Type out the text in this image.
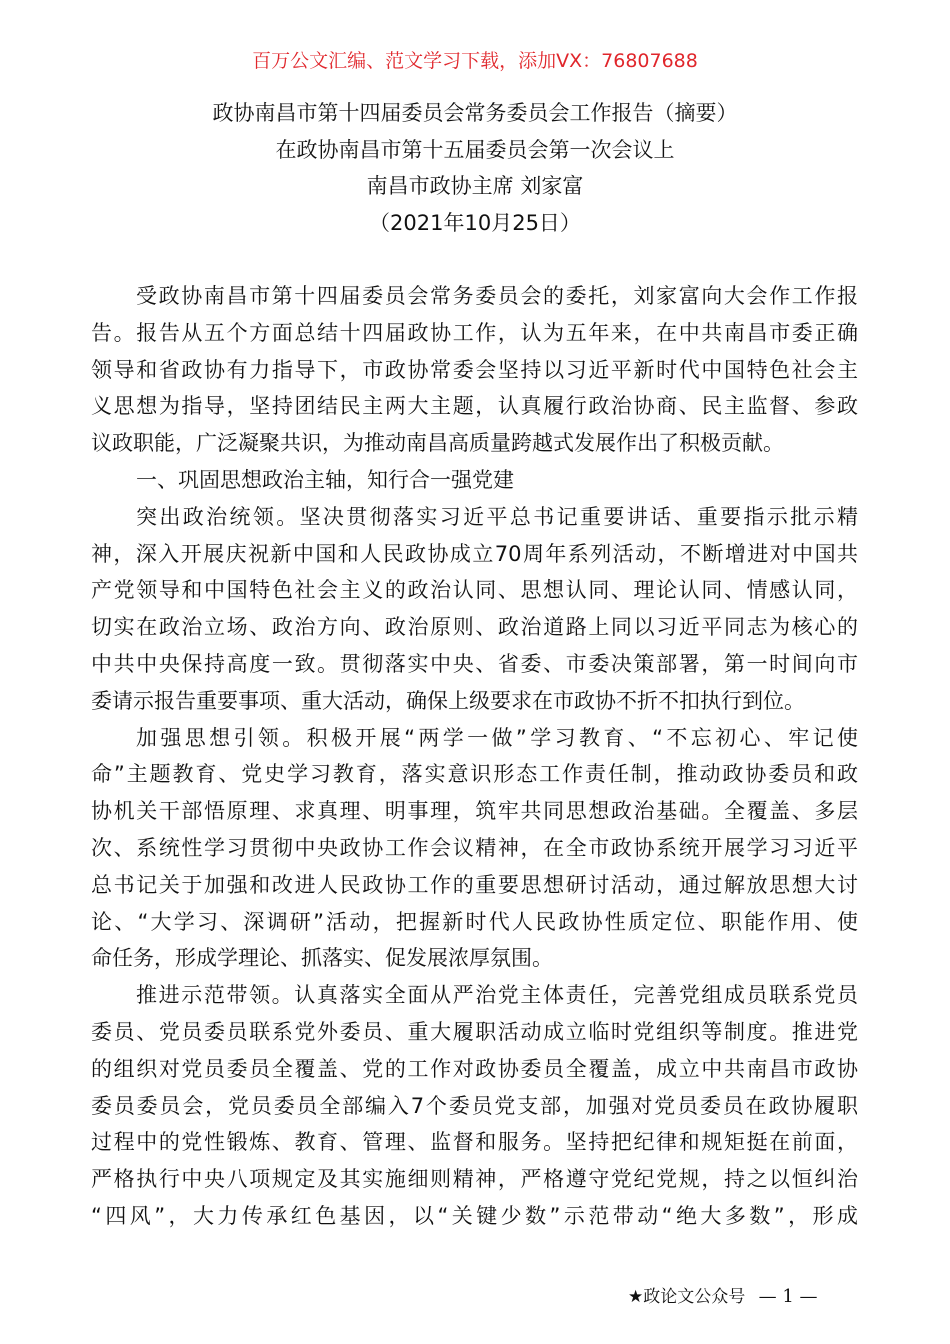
百万公文汇编、范文学习下载，添加VX：76807688
政协南昌市第十四届委员会常务委员会工作报告（摘要）
在政协南昌市第十五届委员会第一次会议上
南昌市政协主席 刘家富
（2021年10月25日）
受政协南昌市第十四届委员会常务委员会的委托，刘家富向大会作工作报
告。报告从五个方面总结十四届政协工作，认为五年来，在中共南昌市委正确
领导和省政协有力指导下，市政协常委会坚持以习近平新时代中国特色社会主
义思想为指导，坚持团结民主两大主题，认真履行政治协商、民主监督、参政
议政职能，广泛凝聚共识，为推动南昌高质量跨越式发展作出了积极贡献。
一、巩固思想政治主轴，知行合一强党建
突出政治统领。坚决贯彻落实习近平总书记重要讲话、重要指示批示精
神，深入开展庆祝新中国和人民政协成立70周年系列活动，不断增进对中国共
产党领导和中国特色社会主义的政治认同、思想认同、理论认同、情感认同，
切实在政治立场、政治方向、政治原则、政治道路上同以习近平同志为核心的
中共中央保持高度一致。贯彻落实中央、省委、市委决策部署，第一时间向市
委请示报告重要事项、重大活动，确保上级要求在市政协不折不扣执行到位。
加强思想引领。积极开展“两学一做”学习教育、“不忘初心、牢记使
命”主题教育、党史学习教育，落实意识形态工作责任制，推动政协委员和政
协机关干部悟原理、求真理、明事理，筑牢共同思想政治基础。全覆盖、多层
次、系统性学习贯彻中央政协工作会议精神，在全市政协系统开展学习习近平
总书记关于加强和改进人民政协工作的重要思想研讨活动，通过解放思想大讨
论、“大学习、深调研”活动，把握新时代人民政协性质定位、职能作用、使
命任务，形成学理论、抓落实、促发展浓厚氛围。
推进示范带领。认真落实全面从严治党主体责任，完善党组成员联系党员
委员、党员委员联系党外委员、重大履职活动成立临时党组织等制度。推进党
的组织对党员委员全覆盖、党的工作对政协委员全覆盖，成立中共南昌市政协
委员委员会，党员委员全部编入7个委员党支部，加强对党员委员在政协履职
过程中的党性锻炼、教育、管理、监督和服务。坚持把纪律和规矩挺在前面，
严格执行中央八项规定及其实施细则精神，严格遵守党纪党规，持之以恒纠治
“四风”，大力传承红色基因，以“关键少数”示范带动“绝大多数”，形成
★政论文公众号 — 1 —
